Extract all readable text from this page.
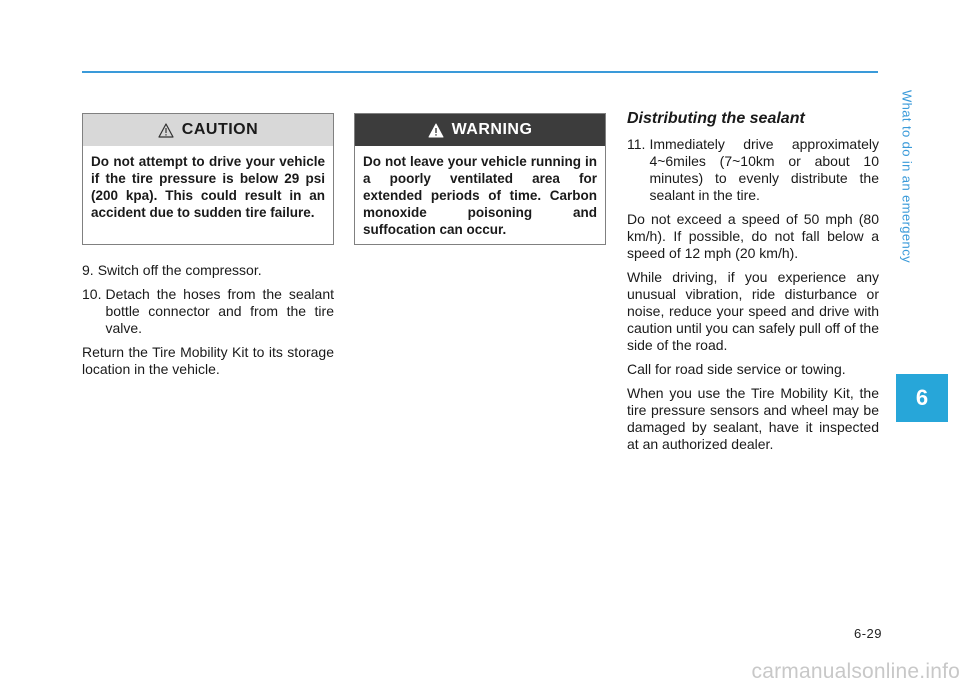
What to do in an emergency
6
CAUTION
Do not attempt to drive your vehicle if the tire pressure is below 29 psi (200 kpa). This could result in an accident due to sudden tire failure.
WARNING
Do not leave your vehicle running in a poorly ventilated area for extended periods of time. Carbon monoxide poisoning and suffocation can occur.
9. Switch off the compressor.
10. Detach the hoses from the sealant bottle connector and from the tire valve.

Return the Tire Mobility Kit to its storage location in the vehicle.

Distributing the sealant
11. Immediately drive approximately 4~6miles (7~10km or about 10 minutes) to evenly distribute the sealant in the tire.

Do not exceed a speed of 50 mph (80 km/h). If possible, do not fall below a speed of 12 mph (20 km/h).

While driving, if you experience any unusual vibration, ride disturbance or noise, reduce your speed and drive with caution until you can safely pull off of the side of the road.

Call for road side service or towing.

When you use the Tire Mobility Kit, the tire pressure sensors and wheel may be damaged by sealant, have it inspected at an authorized dealer.

6-29
carmanualsonline.info
